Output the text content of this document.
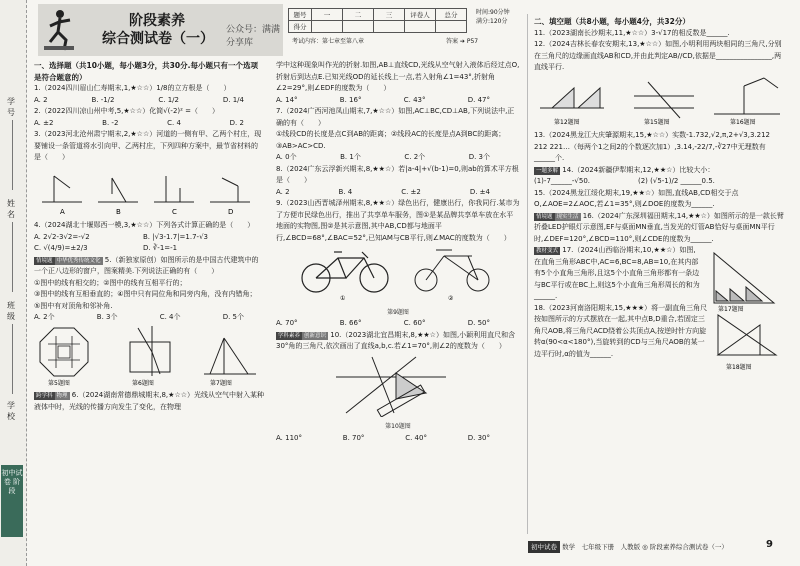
学号
姓名
班级
学校
初中试卷 阶段
阶段素养
综合测试卷（一）
公众号：满满分享库
题号	一	二	三	评卷人	总分
得分					
时间:90分钟
满分:120分
考试内容：第七章至第八章	答案 ➔ P57
一、选择题（共10小题，每小题3分，共30分.每小题只有一个选项是符合题意的）

1.（2024四川眉山仁寿期末,1,★☆☆）1/8的立方根是（　　）

A. 2	B. -1/2	C. 1/2	D. 1/4

2.（2022四川凉山州中考,5,★☆☆）化简√(-2)² =（　　）

A. ±2	B. -2	C. 4	D. 2

3.（2023河北沧州肃宁期末,2,★☆☆）河道的一侧有甲、乙两个村庄，现要铺设一条管道将水引向甲、乙两村庄，下列四种方案中，最节省材料的是（　　）

A	B	C	D

4.（2024湖北十堰郧西一模,3,★☆☆）下列各式计算正确的是（　　）

A. 2√2-3√2=-√2	B. |√3-1.7|=1.7-√3
C. √(4/9)=±2/3	D. ∛-1=-1

情境题 中华优秀传统文化 5.（新独家原创）如图所示的是中国古代建筑中的一个正八边形的窗户，图案精美.下列说法正确的有（　　）

①图中的线有相交的；②图中的线有互相平行的；
③图中的线有互相垂直的；④图中只有同位角和同旁内角，没有内错角；
⑤图中有对顶角和邻补角.
A. 2个	B. 3个	C. 4个	D. 5个
第5题图	第6题图	第7题图

跨学科 物理 6.（2024湖南常德鼎城期末,8,★☆☆）光线从空气中射入某种液体中时，光线的传播方向发生了变化，在物理

学中这种现象叫作光的折射.如图,AB⊥直线CD,光线从空气射入液体后经过点O,折射后到达点E.已知光线OD的延长线上一点,若入射角∠1=43°,折射角∠2=29°,则∠EDF的度数为（　　）

A. 14°	B. 16°	C. 43°	D. 47°

7.（2024广西河池凤山期末,7,★☆☆）如图,AC⊥BC,CD⊥AB,下列说法中,正确的有（　　）

①线段CD的长度是点C到AB的距离；②线段AC的长度是点A到BC的距离；③AB>AC>CD.
A. 0个	B. 1个	C. 2个	D. 3个

8.（2024广东云浮新兴期末,8,★★☆）若|a-4|+√(b-1)=0,则ab的算术平方根是（　　）

A. 2	B. 4	C. ±2	D. ±4

9.（2023山西晋城泽州期末,8,★★☆）绿色出行，健康出行，你我同行.某市为了方便市民绿色出行，推出了共享单车服务，图①是某品牌共享单车放在水平地面的实物图,图②是其示意图,其中AB,CD都与地面平行,∠BCD=68°,∠BAC=52°,已知AM与CB平行,则∠MAC的度数为（　　）

①	②
第9题图
A. 70°	B. 66°	C. 60°	D. 50°

学科素养 创新意识 10.（2023湖北宜昌期末,8,★★☆）如图,小颖利用直尺和含30°角的三角尺,依次画出了直线a,b,c.若∠1=70°,则∠2的度数为（　　）

第10题图
A. 110°	B. 70°	C. 40°	D. 30°
二、填空题（共8小题，每小题4分，共32分）

11.（2023湖南长沙期末,11,★☆☆）3-√17的相反数是______.

12.（2024吉林长春农安期末,13,★☆☆）如图,小明利用两块相同的三角尺,分别在三角尺的边缘画直线AB和CD,并由此判定AB//CD,依据是________________,两直线平行.

第12题图	第15题图	第16题图

13.（2024黑龙江大庆肇源期末,15,★☆☆）实数-1.732,√2,π,2+√3,3.212 212 221…（每两个1之间2的个数逐次加1）,3.14,-22/7,-∛27中无理数有______个.

一题多解 14.（2024新疆伊犁期末,12,★★☆）比较大小：

(1)-7______-√50.	(2) (√5-1)/2 ______0.5.

15.（2024黑龙江绥化期末,19,★★☆）如图,直线AB,CD相交于点O,∠AOE=2∠AOC,若∠1=35°,则∠DOE的度数为______.

情境题 现实生活 16.（2024广东深圳福田期末,14,★★☆）如图所示的是一款长臂折叠LED护眼灯示意图,EF与桌面MN垂直,当发光的灯管AB恰好与桌面MN平行时,∠DEF=120°,∠BCD=110°,则∠CDE的度数为______.

第17题图

教材变式 17.（2024山西临汾期末,10,★★☆）如图,在直角三角形ABC中,AC=6,BC=8,AB=10,在其内部有5个小直角三角形,且这5个小直角三角形都有一条边与BC平行或在BC上,则这5个小直角三角形周长的和为______.

第18题图

18.（2023河南洛阳期末,15,★★★）将一副直角三角尺按如图所示的方式摆放在一起,其中点B,D重合,若固定三角尺AOB,将三角尺ACD绕着公共顶点A,按逆时针方向旋转α(90<α<180°),当旋转到的CD与三角尺AOB的某一边平行时,α的值为______.

初中试卷 数学　七年级下册　人教版 ◎ 阶段素养综合测试卷（一）	9
